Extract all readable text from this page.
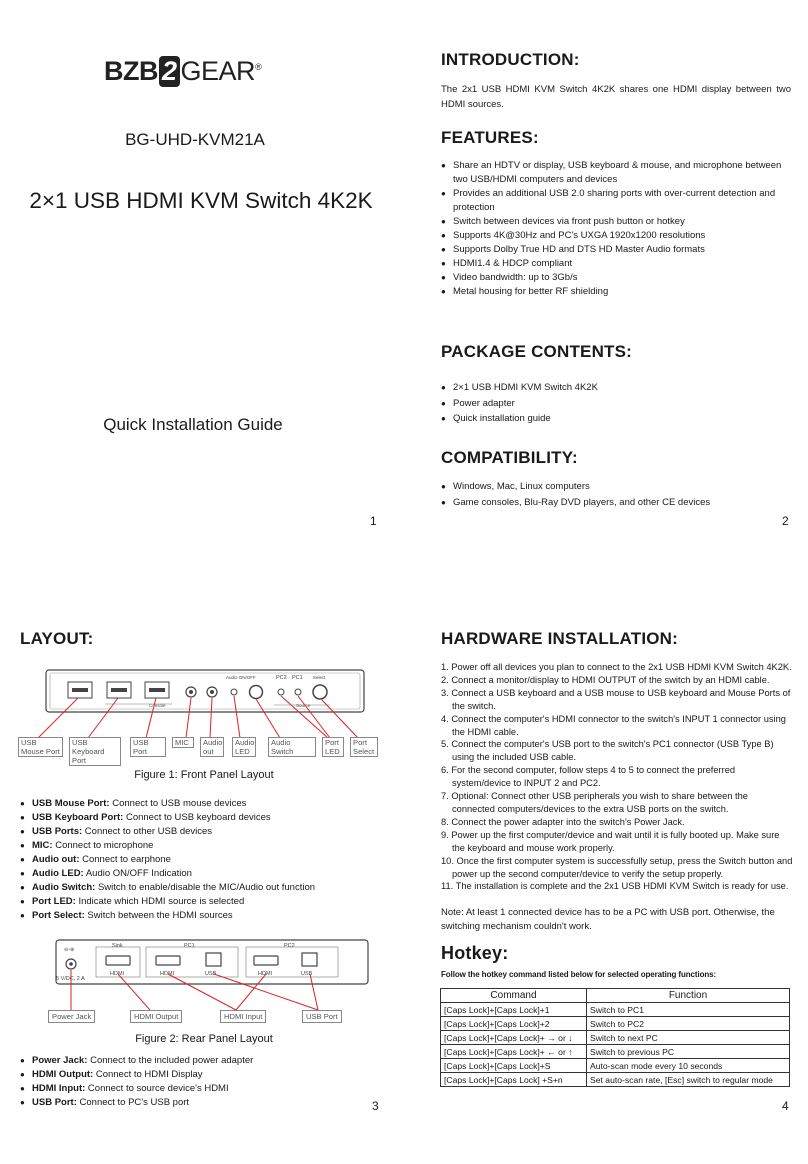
BZB 2 GEAR®
BG-UHD-KVM21A
2×1 USB HDMI KVM Switch 4K2K
Quick Installation Guide
1
INTRODUCTION:
The 2x1 USB HDMI KVM Switch 4K2K shares one HDMI display between two HDMI sources.
FEATURES:
● Share an HDTV or display, USB keyboard & mouse, and microphone between two USB/HDMI computers and devices
● Provides an additional USB 2.0 sharing ports with over-current detection and protection
● Switch between devices via front push button or hotkey
● Supports 4K@30Hz and PC's UXGA 1920x1200 resolutions
● Supports Dolby True HD and DTS HD Master Audio formats
● HDMI1.4 & HDCP compliant
● Video bandwidth: up to 3Gb/s
● Metal housing for better RF shielding
PACKAGE CONTENTS:
● 2×1 USB HDMI KVM Switch 4K2K
● Power adapter
● Quick installation guide
COMPATIBILITY:
● Windows, Mac, Linux computers
● Game consoles, Blu-Ray DVD players, and other CE devices
2
LAYOUT:
Console
Audio ON/OFF	PC2 PC1 Select
Source
USB Mouse Port
USB Keyboard Port
USB Port
MIC	Audio out
Audio LED
Audio Switch
Port LED
Port Select
Figure 1: Front Panel Layout
● USB Mouse Port: Connect to USB mouse devices
● USB Keyboard Port: Connect to USB keyboard devices
● USB Ports: Connect to other USB devices
● MIC: Connect to microphone
● Audio out: Connect to earphone
● Audio LED: Audio ON/OFF Indication
● Audio Switch: Switch to enable/disable the MIC/Audio out function
● Port LED: Indicate which HDMI source is selected
● Port Select: Switch between the HDMI sources
⊖◦⊕
5 V/DC, 2 A
Sink
HDMI
PC1
HDMI	USB
PC2
HDMI	USB
Power Jack	HDMI Output	HDMI Input	USB Port
Figure 2: Rear Panel Layout
● Power Jack: Connect to the included power adapter
● HDMI Output: Connect to HDMI Display
● HDMI Input: Connect to source device's HDMI
● USB Port: Connect to PC's USB port	3
HARDWARE INSTALLATION:
1. Power off all devices you plan to connect to the 2x1 USB HDMI KVM Switch 4K2K.
2. Connect a monitor/display to HDMI OUTPUT of the switch by an HDMI cable.
3. Connect a USB keyboard and a USB mouse to USB keyboard and Mouse Ports of the switch.
4. Connect the computer's HDMI connector to the switch's INPUT 1 connector using the HDMI cable.
5. Connect the computer's USB port to the switch's PC1 connector (USB Type B) using the included USB cable.
6. For the second computer, follow steps 4 to 5 to connect the preferred system/device to INPUT 2 and PC2.
7. Optional: Connect other USB peripherals you wish to share between the connected computers/devices to the extra USB ports on the switch.
8. Connect the power adapter into the switch's Power Jack.
9. Power up the first computer/device and wait until it is fully booted up. Make sure the keyboard and mouse work properly.
10. Once the first computer system is successfully setup, press the Switch button and power up the second computer/device to verify the setup properly.
11. The installation is complete and the 2x1 USB HDMI KVM Switch is ready for use.
Note: At least 1 connected device has to be a PC with USB port. Otherwise, the switching mechanism couldn't work.
Hotkey:
Follow the hotkey command listed below for selected operating functions:
Command	Function
[Caps Lock]+[Caps Lock]+1	Switch to PC1
[Caps Lock]+[Caps Lock]+2	Switch to PC2
[Caps Lock]+[Caps Lock]+ → or ↓	Switch to next PC
[Caps Lock]+[Caps Lock]+ ← or ↑	Switch to previous PC
[Caps Lock]+[Caps Lock]+S	Auto-scan mode every 10 seconds
[Caps Lock]+[Caps Lock] +S+n	Set auto-scan rate, [Esc] switch to regular mode
4
